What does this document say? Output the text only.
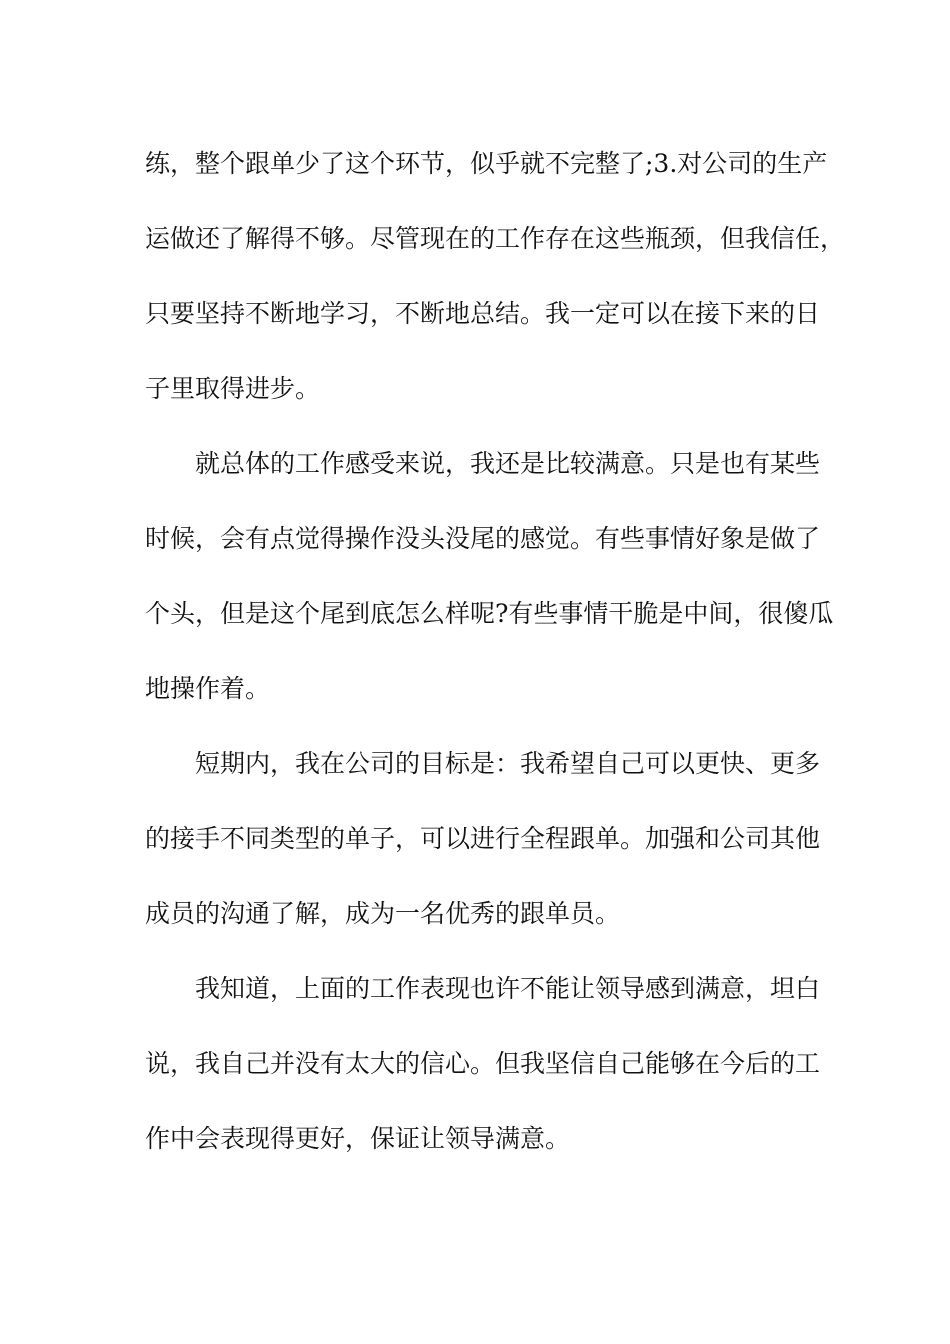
练，整个跟单少了这个环节，似乎就不完整了;3.对公司的生产
运做还了解得不够。尽管现在的工作存在这些瓶颈，但我信任，
只要坚持不断地学习，不断地总结。我一定可以在接下来的日
子里取得进步。

就总体的工作感受来说，我还是比较满意。只是也有某些
时候，会有点觉得操作没头没尾的感觉。有些事情好象是做了
个头，但是这个尾到底怎么样呢?有些事情干脆是中间，很傻瓜
地操作着。

短期内，我在公司的目标是：我希望自己可以更快、更多
的接手不同类型的单子，可以进行全程跟单。加强和公司其他
成员的沟通了解，成为一名优秀的跟单员。

我知道，上面的工作表现也许不能让领导感到满意，坦白
说，我自己并没有太大的信心。但我坚信自己能够在今后的工
作中会表现得更好，保证让领导满意。
